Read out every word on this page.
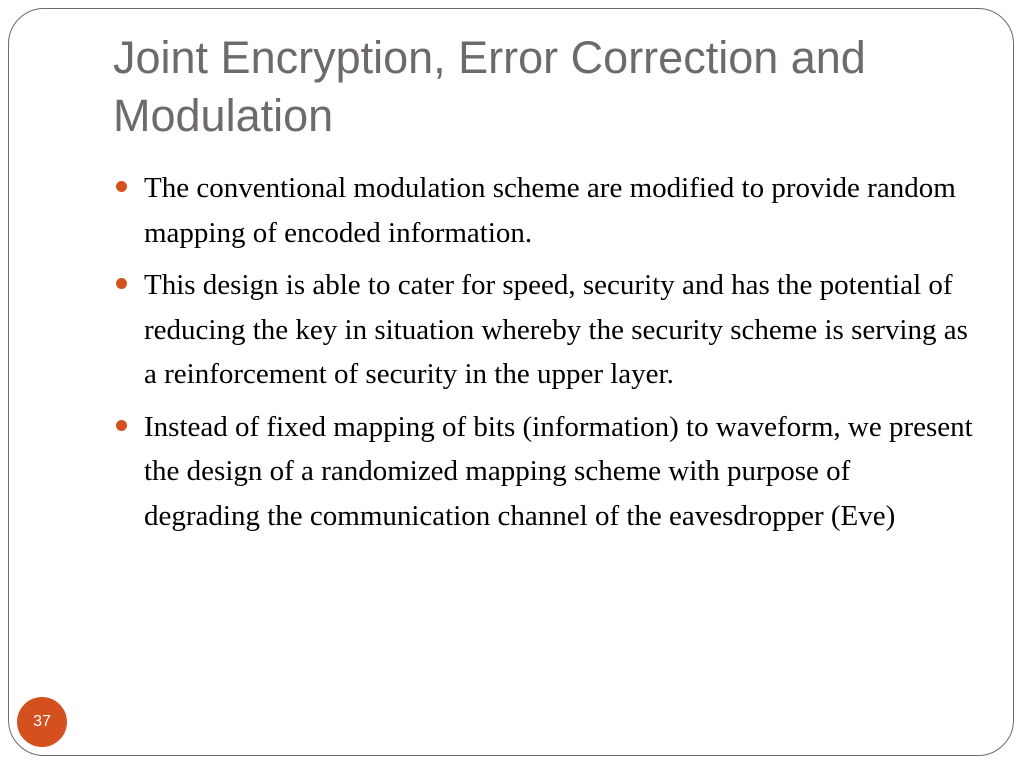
Joint Encryption, Error Correction and Modulation
The conventional modulation scheme are modified to provide random mapping of encoded information.
This design is able to cater for speed, security and has the potential of reducing the key in situation whereby the security scheme is serving as a reinforcement of security in the upper layer.
Instead of fixed mapping of bits (information) to waveform, we present the design of a randomized mapping scheme with purpose of degrading the communication channel of the eavesdropper (Eve)
37
